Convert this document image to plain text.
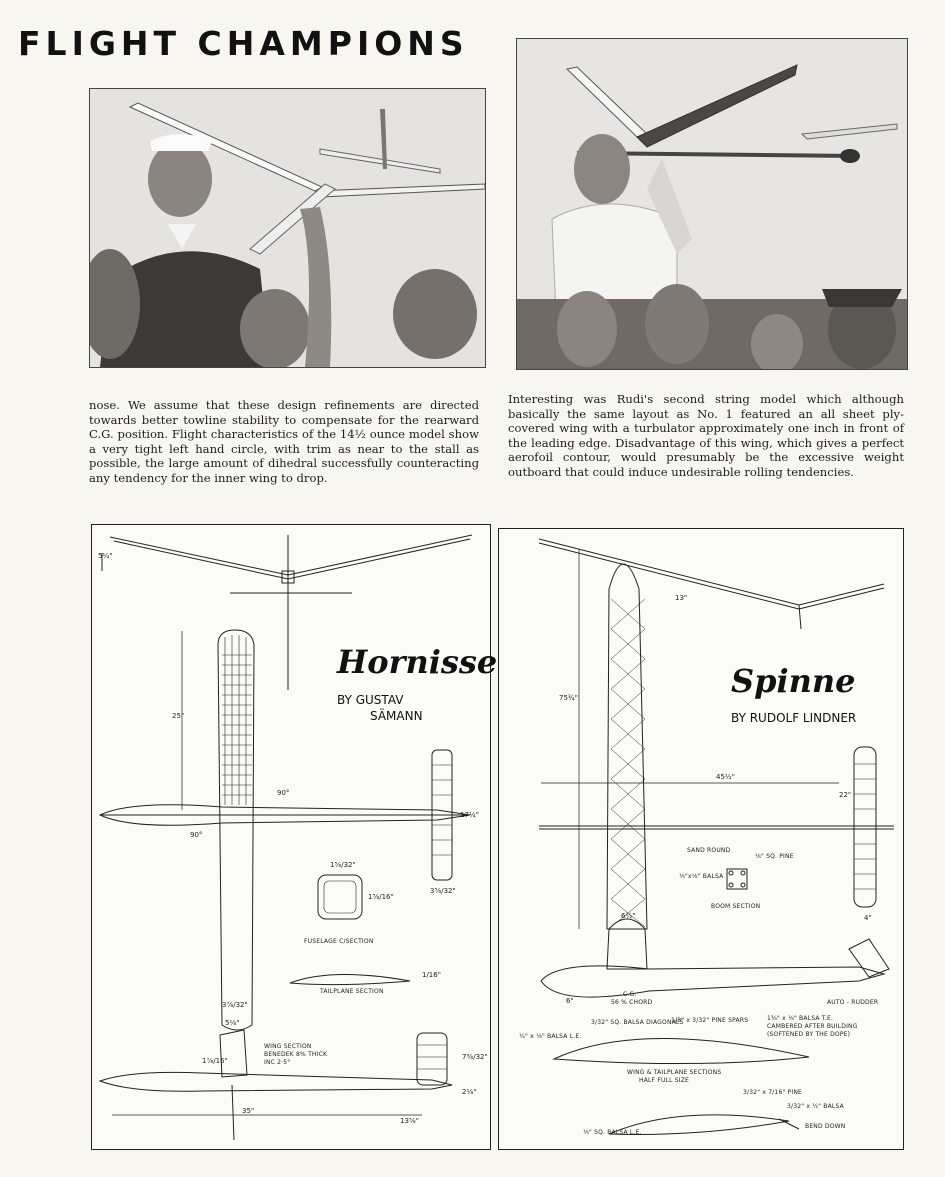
FLIGHT CHAMPIONS

nose. We assume that these design refinements are directed towards better towline stability to compensate for the rearward C.G. position. Flight characteristics of the 14½ ounce model show a very tight left hand circle, with trim as near to the stall as possible, the large amount of dihedral successfully counteracting any tendency for the inner wing to drop.

Interesting was Rudi's second string model which although basically the same layout as No. 1 featured an all sheet ply-covered wing with a turbulator approximately one inch in front of the leading edge. Disadvantage of this wing, which gives a perfect aerofoil contour, would presumably be the excessive weight outboard that could induce undesirable rolling tendencies.

Hornisse
BY GUSTAV
SÄMANN
5¼"
25"
90°
90°
1⅝/32"
1⅝/16"
17¼"
3⅝/32"
1/16"
3⅞/32"
5⅛"
1⅞/16"	7⅜/32"
2⅛"
35"
13⅝"
FUSELAGE C/SECTION
TAILPLANE SECTION
WING SECTION
BENEDEK 8% THICK
INC 2·5°
Spinne
BY RUDOLF LINDNER
13"
75¾"
45½"
22"
6½"	4"
6"
SAND ROUND
⅛" SQ. PINE
⅛"x⅛" BALSA
BOOM SECTION
C.G.
56 % CHORD	AUTO - RUDDER
3/32" SQ. BALSA DIAGONALS
1/8" x 3/32" PINE SPARS	1⅜" x ⅛" BALSA T.E.
CAMBERED AFTER BUILDING
(SOFTENED BY THE DOPE)
¼" x ⅛" BALSA L.E.
WING & TAILPLANE SECTIONS
HALF FULL SIZE
3/32" x 7/16" PINE
3/32" x ½" BALSA
BEND DOWN
⅛" SQ. BALSA L.E.
